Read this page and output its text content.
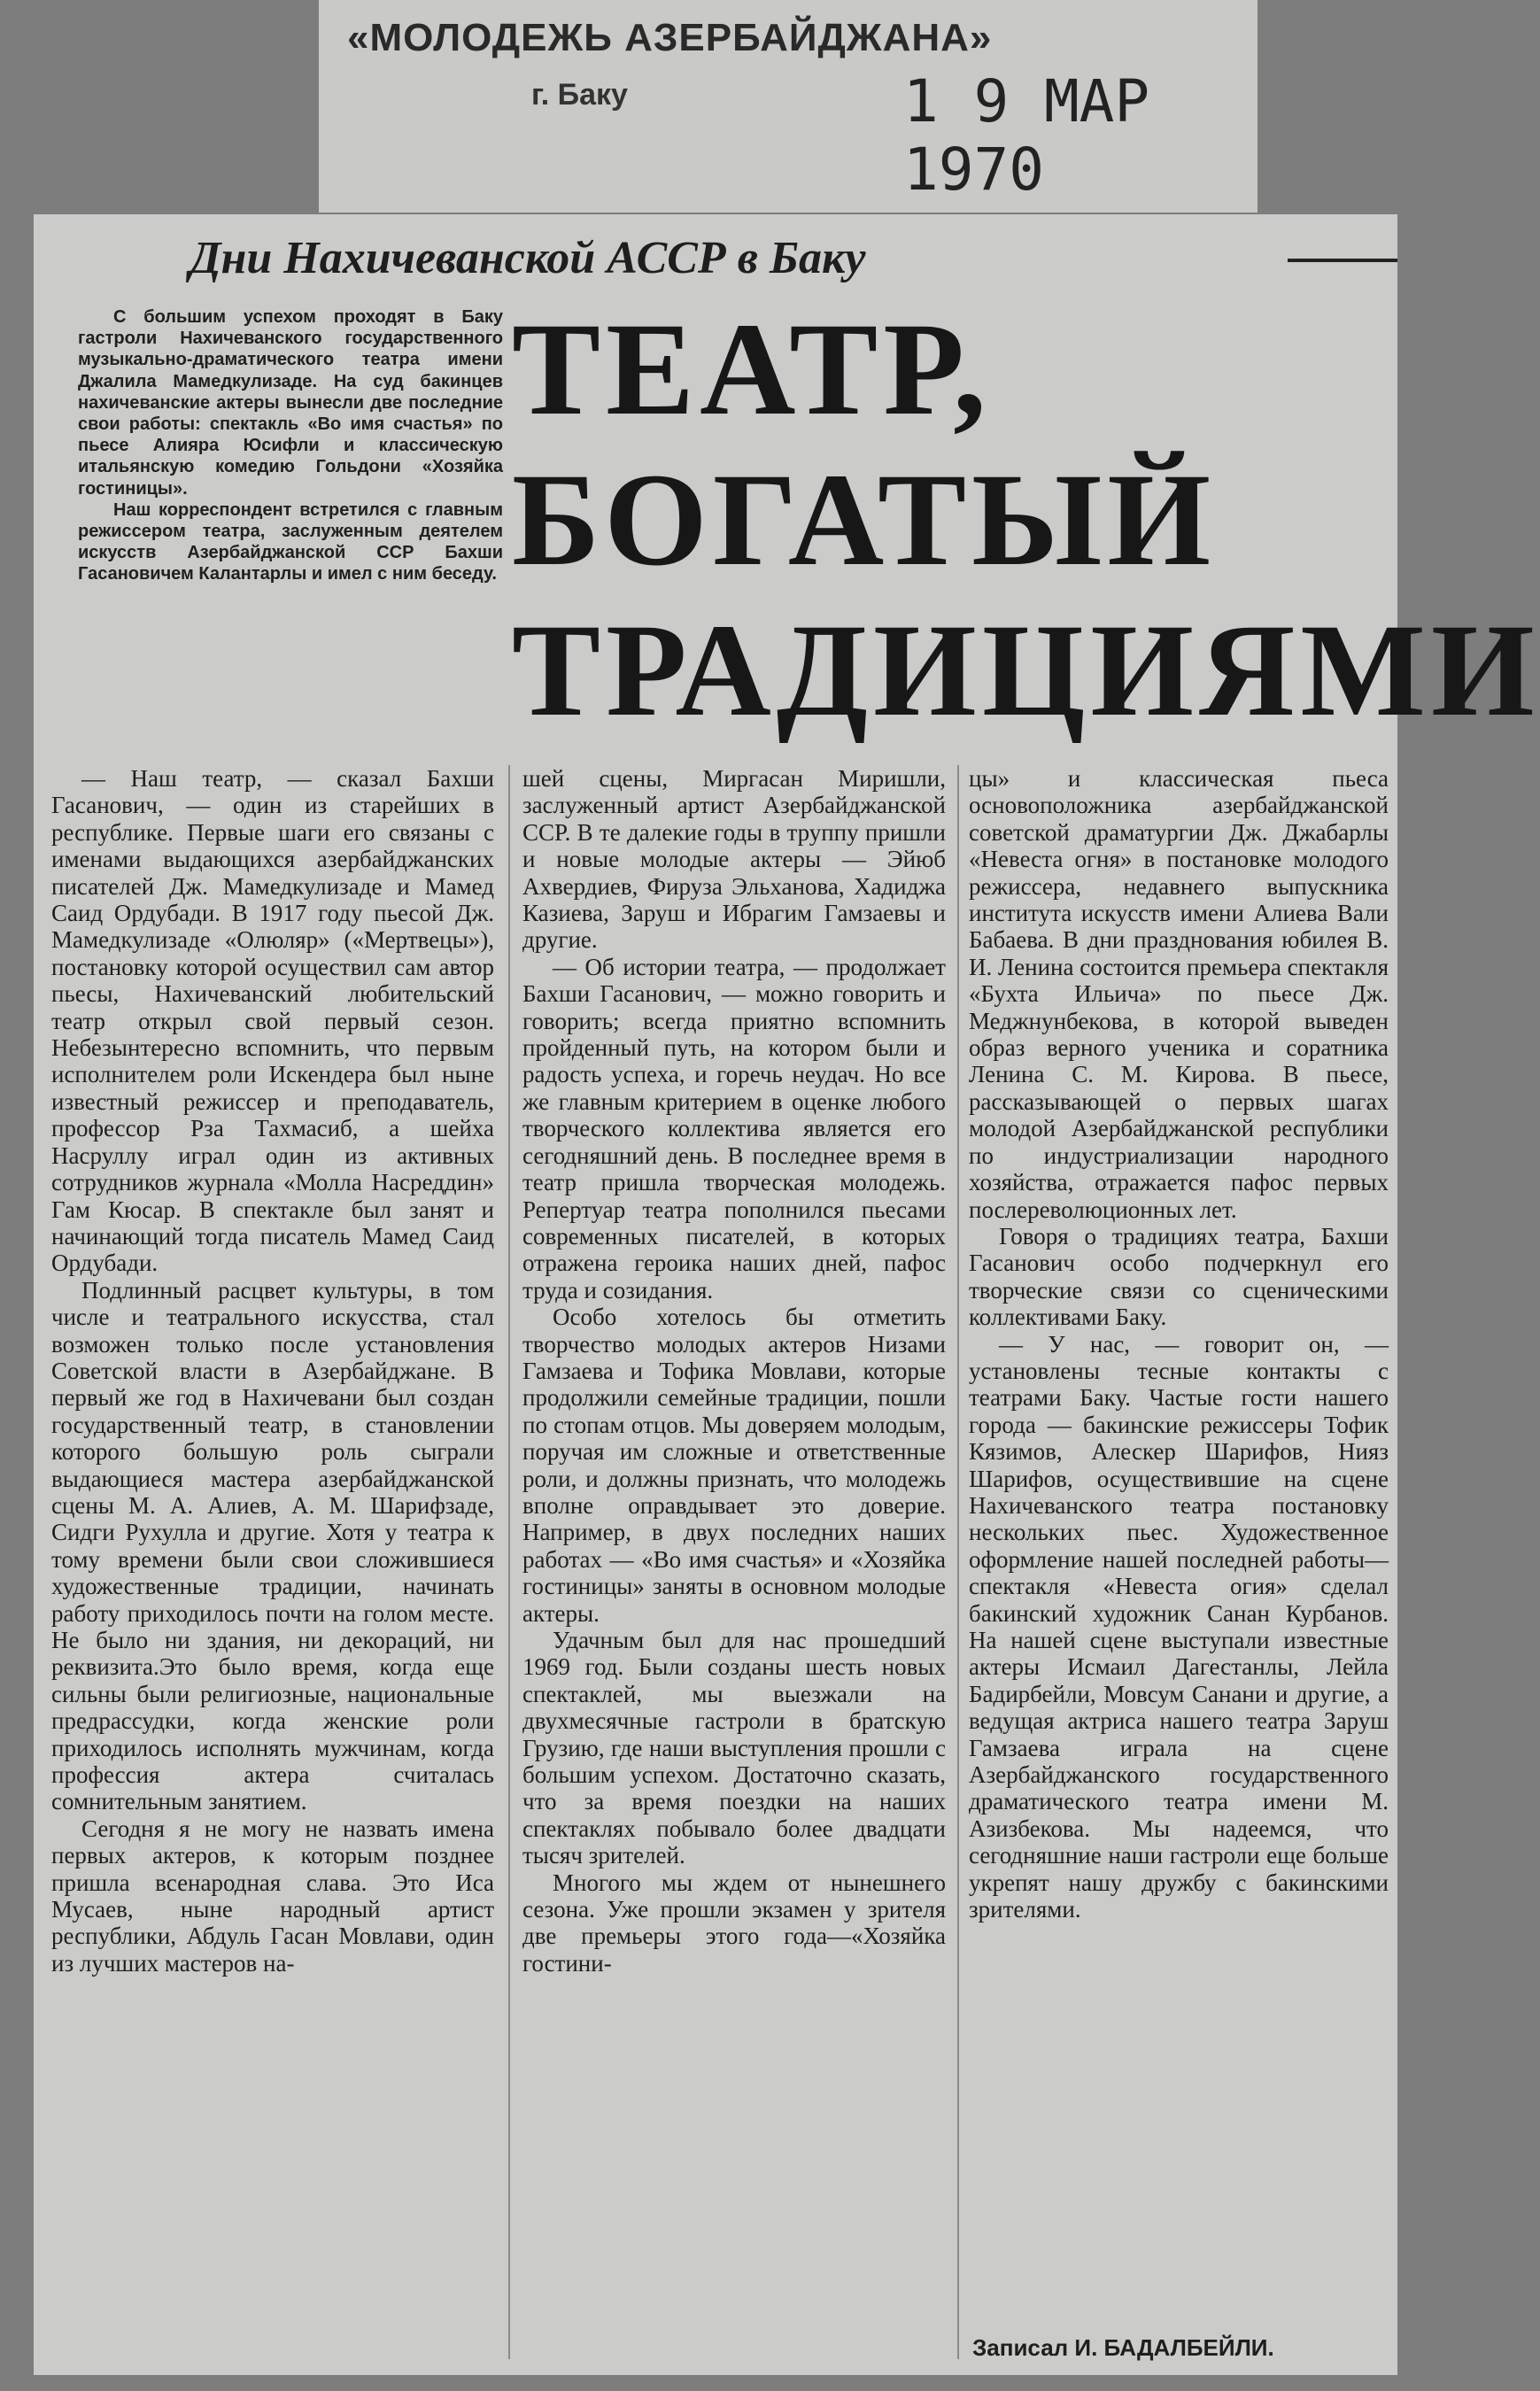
«МОЛОДЕЖЬ АЗЕРБАЙДЖАНА»
г. Баку	1 9 МАР 1970
Дни Нахичеванской АССР в Баку

С большим успехом проходят в Баку гастроли Нахичеванского государственного музыкально-драматического театра имени Джалила Мамедкулизаде. На суд бакинцев нахичеванские актеры вынесли две последние свои работы: спектакль «Во имя счастья» по пьесе Алияра Юсифли и классическую итальянскую комедию Гольдони «Хозяйка гостиницы».

Наш корреспондент встретился с главным режиссером театра, заслуженным деятелем искусств Азербайджанской ССР Бахши Гасановичем Калантарлы и имел с ним беседу.

ТЕАТР,
БОГАТЫЙ
ТРАДИЦИЯМИ

— Наш театр, — сказал Бахши Гасанович, — один из старейших в республике. Первые шаги его связаны с именами выдающихся азербайджанских писателей Дж. Мамедкулизаде и Мамед Саид Ордубади. В 1917 году пьесой Дж. Мамедкулизаде «Олюляр» («Мертвецы»), постановку которой осуществил сам автор пьесы, Нахичеванский любительский театр открыл свой первый сезон. Небезынтересно вспомнить, что первым исполнителем роли Искендера был ныне известный режиссер и преподаватель, профессор Рза Тахмасиб, а шейха Насруллу играл один из активных сотрудников журнала «Молла Насреддин» Гам Кюсар. В спектакле был занят и начинающий тогда писатель Мамед Саид Ордубади.

Подлинный расцвет культуры, в том числе и театрального искусства, стал возможен только после установления Советской власти в Азербайджане. В первый же год в Нахичевани был создан государственный театр, в становлении которого большую роль сыграли выдающиеся мастера азербайджанской сцены М. А. Алиев, А. М. Шарифзаде, Сидги Рухулла и другие. Хотя у театра к тому времени были свои сложившиеся художественные традиции, начинать работу приходилось почти на голом месте. Не было ни здания, ни декораций, ни реквизита.Это было время, когда еще сильны были религиозные, национальные предрассудки, когда женские роли приходилось исполнять мужчинам, когда профессия актера считалась сомнительным занятием.

Сегодня я не могу не назвать имена первых актеров, к которым позднее пришла всенародная слава. Это Иса Мусаев, ныне народный артист республики, Абдуль Гасан Мовлави, один из лучших мастеров на-

шей сцены, Миргасан Миришли, заслуженный артист Азербайджанской ССР. В те далекие годы в труппу пришли и новые молодые актеры — Эйюб Ахвердиев, Фируза Эльханова, Хадиджа Казиева, Заруш и Ибрагим Гамзаевы и другие.

— Об истории театра, — продолжает Бахши Гасанович, — можно говорить и говорить; всегда приятно вспомнить пройденный путь, на котором были и радость успеха, и горечь неудач. Но все же главным критерием в оценке любого творческого коллектива является его сегодняшний день. В последнее время в театр пришла творческая молодежь. Репертуар театра пополнился пьесами современных писателей, в которых отражена героика наших дней, пафос труда и созидания.

Особо хотелось бы отметить творчество молодых актеров Низами Гамзаева и Тофика Мовлави, которые продолжили семейные традиции, пошли по стопам отцов. Мы доверяем молодым, поручая им сложные и ответственные роли, и должны признать, что молодежь вполне оправдывает это доверие. Например, в двух последних наших работах — «Во имя счастья» и «Хозяйка гостиницы» заняты в основном молодые актеры.

Удачным был для нас прошедший 1969 год. Были созданы шесть новых спектаклей, мы выезжали на двухмесячные гастроли в братскую Грузию, где наши выступления прошли с большим успехом. Достаточно сказать, что за время поездки на наших спектаклях побывало более двадцати тысяч зрителей.

Многого мы ждем от нынешнего сезона. Уже прошли экзамен у зрителя две премьеры этого года—«Хозяйка гостини-

цы» и классическая пьеса основоположника азербайджанской советской драматургии Дж. Джабарлы «Невеста огня» в постановке молодого режиссера, недавнего выпускника института искусств имени Алиева Вали Бабаева. В дни празднования юбилея В. И. Ленина состоится премьера спектакля «Бухта Ильича» по пьесе Дж. Меджнунбекова, в которой выведен образ верного ученика и соратника Ленина С. М. Кирова. В пьесе, рассказывающей о первых шагах молодой Азербайджанской республики по индустриализации народного хозяйства, отражается пафос первых послереволюционных лет.

Говоря о традициях театра, Бахши Гасанович особо подчеркнул его творческие связи со сценическими коллективами Баку.

— У нас, — говорит он, — установлены тесные контакты с театрами Баку. Частые гости нашего города — бакинские режиссеры Тофик Кязимов, Алескер Шарифов, Нияз Шарифов, осуществившие на сцене Нахичеванского театра постановку нескольких пьес. Художественное оформление нашей последней работы—спектакля «Невеста огия» сделал бакинский художник Санан Курбанов. На нашей сцене выступали известные актеры Исмаил Дагестанлы, Лейла Бадирбейли, Мовсум Санани и другие, а ведущая актриса нашего театра Заруш Гамзаева играла на сцене Азербайджанского государственного драматического театра имени М. Азизбекова. Мы надеемся, что сегодняшние наши гастроли еще больше укрепят нашу дружбу с бакинскими зрителями.

Записал И. БАДАЛБЕЙЛИ.
